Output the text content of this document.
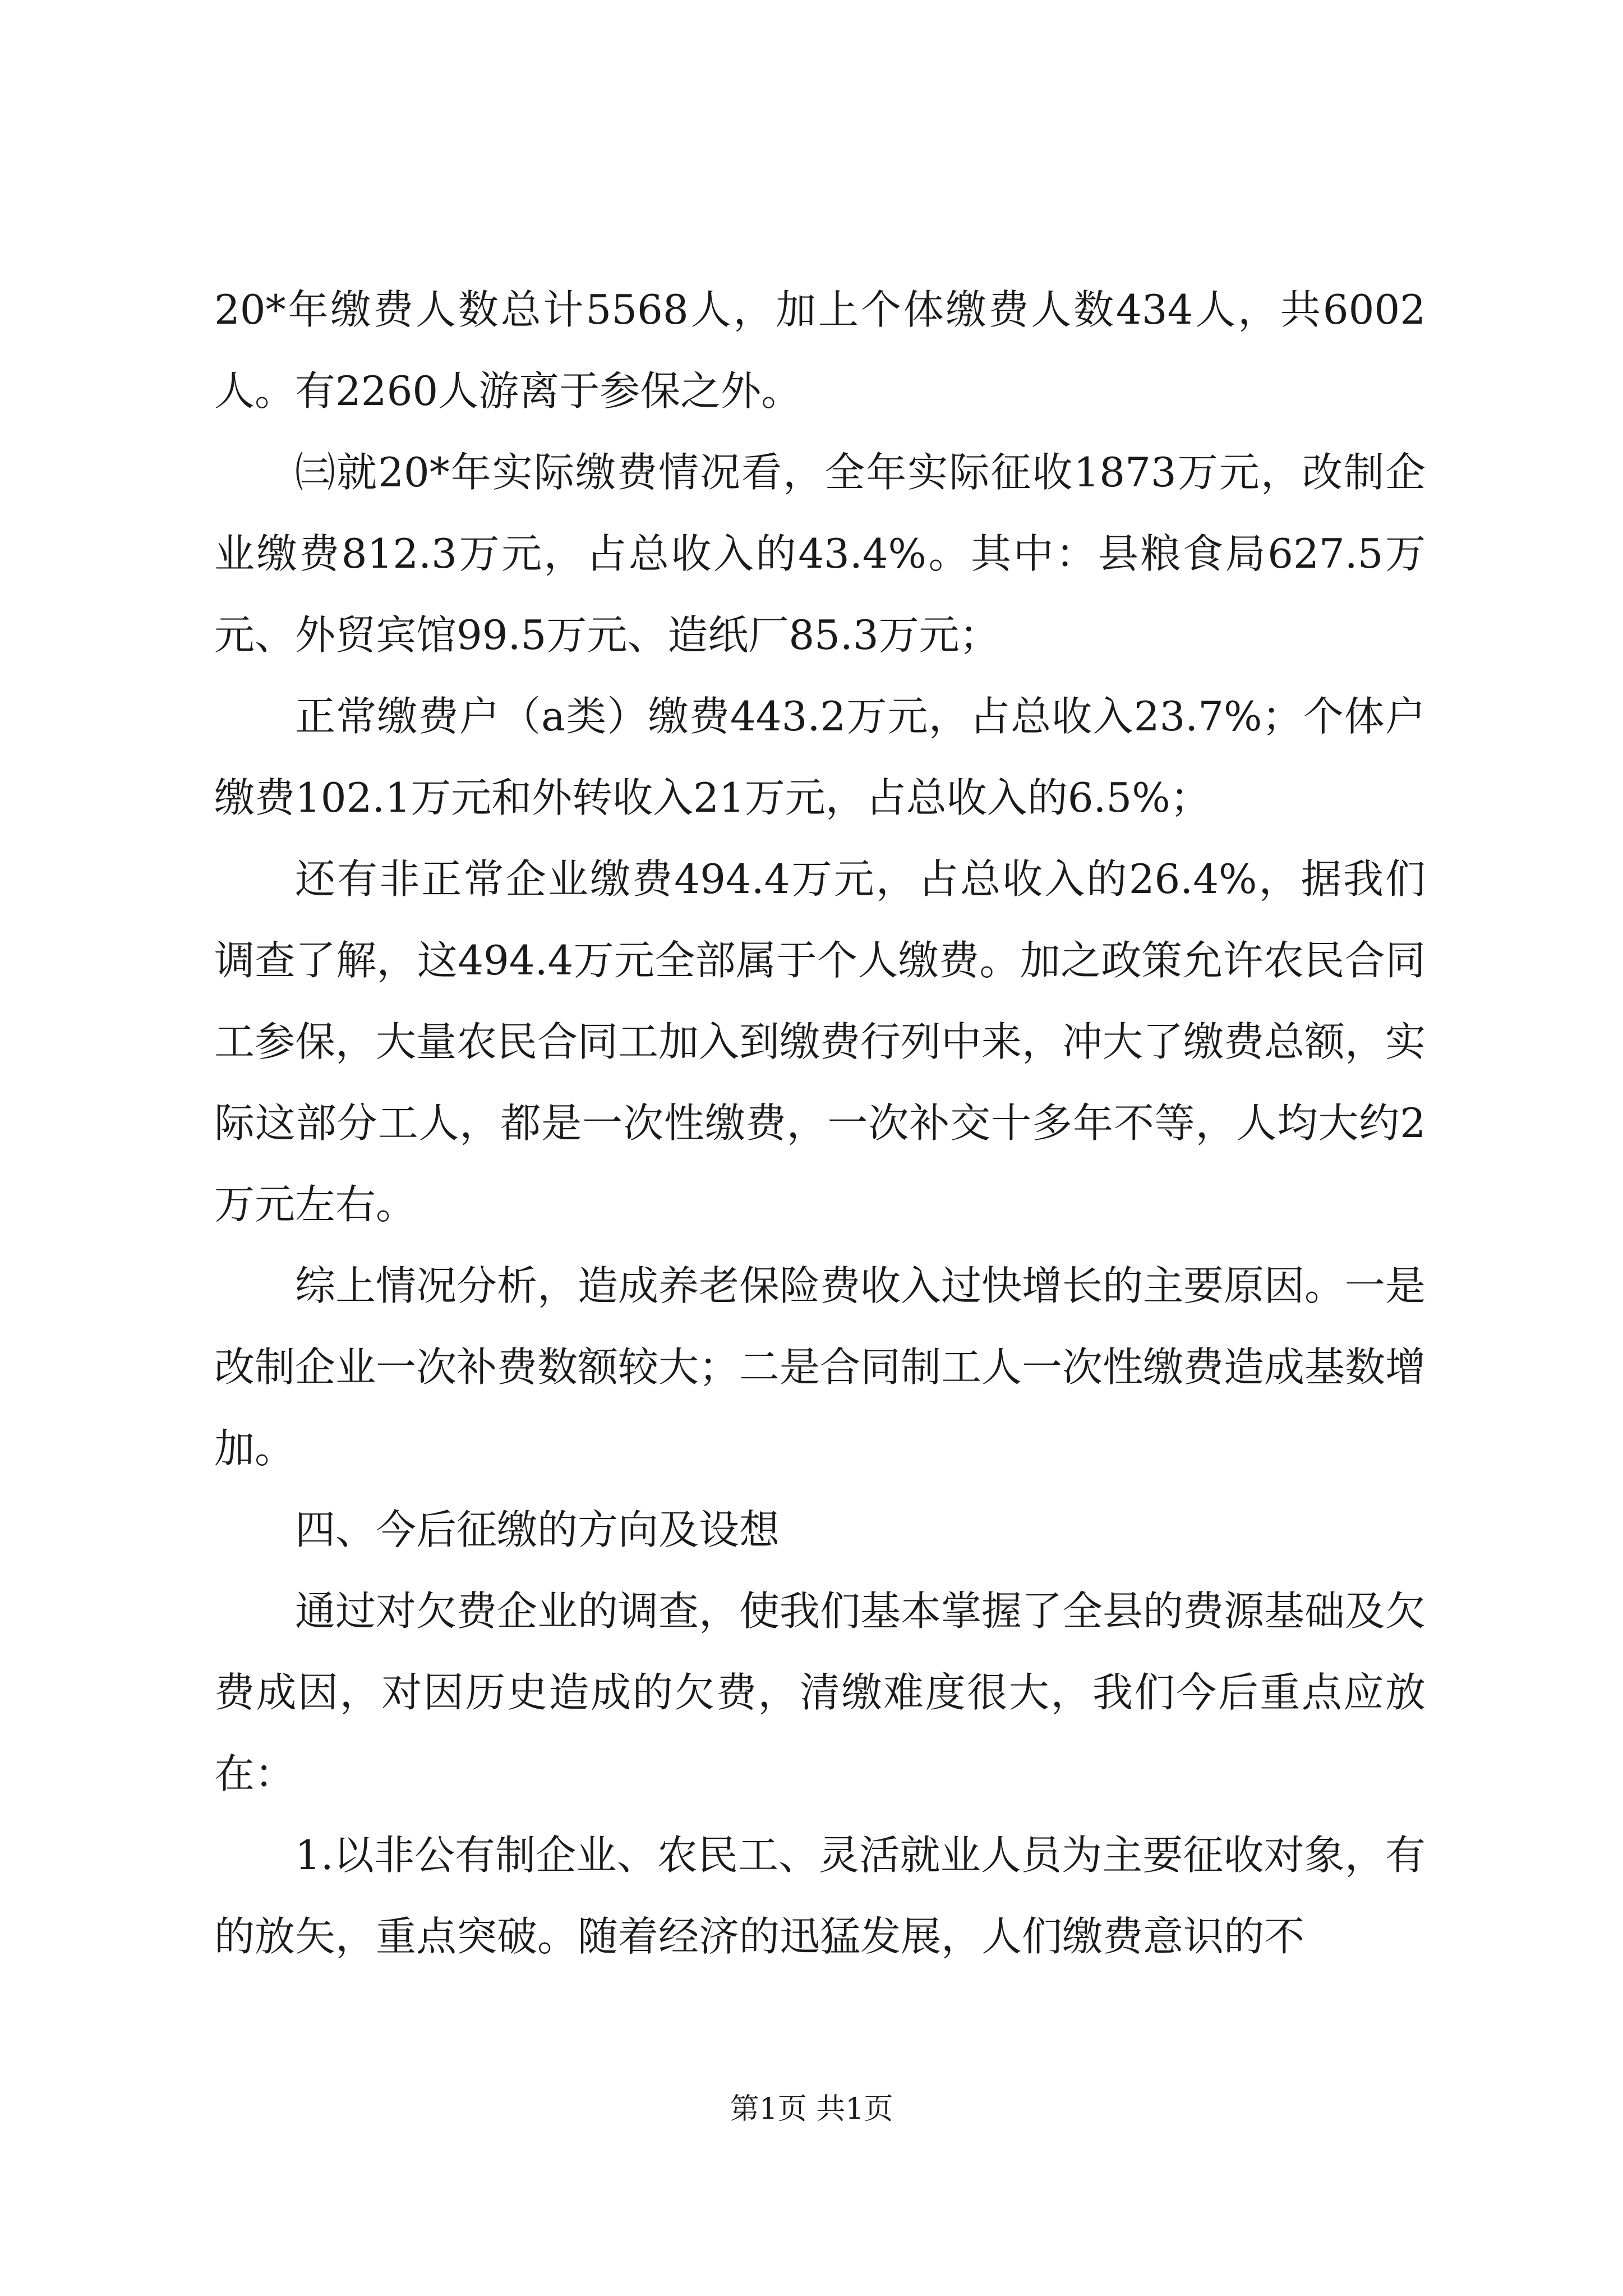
20*年缴费人数总计5568人，加上个体缴费人数434人，共6002人。有2260人游离于参保之外。

㈢就20*年实际缴费情况看，全年实际征收1873万元，改制企业缴费812.3万元，占总收入的43.4%。其中：县粮食局627.5万元、外贸宾馆99.5万元、造纸厂85.3万元；

正常缴费户（a类）缴费443.2万元，占总收入23.7%；个体户缴费102.1万元和外转收入21万元，占总收入的6.5%；

还有非正常企业缴费494.4万元，占总收入的26.4%，据我们调查了解，这494.4万元全部属于个人缴费。加之政策允许农民合同工参保，大量农民合同工加入到缴费行列中来，冲大了缴费总额，实际这部分工人，都是一次性缴费，一次补交十多年不等，人均大约2万元左右。

综上情况分析，造成养老保险费收入过快增长的主要原因。一是改制企业一次补费数额较大；二是合同制工人一次性缴费造成基数增加。

四、今后征缴的方向及设想

通过对欠费企业的调查，使我们基本掌握了全县的费源基础及欠费成因，对因历史造成的欠费，清缴难度很大，我们今后重点应放在：

1.以非公有制企业、农民工、灵活就业人员为主要征收对象，有的放矢，重点突破。随着经济的迅猛发展，人们缴费意识的不

第1页 共1页
